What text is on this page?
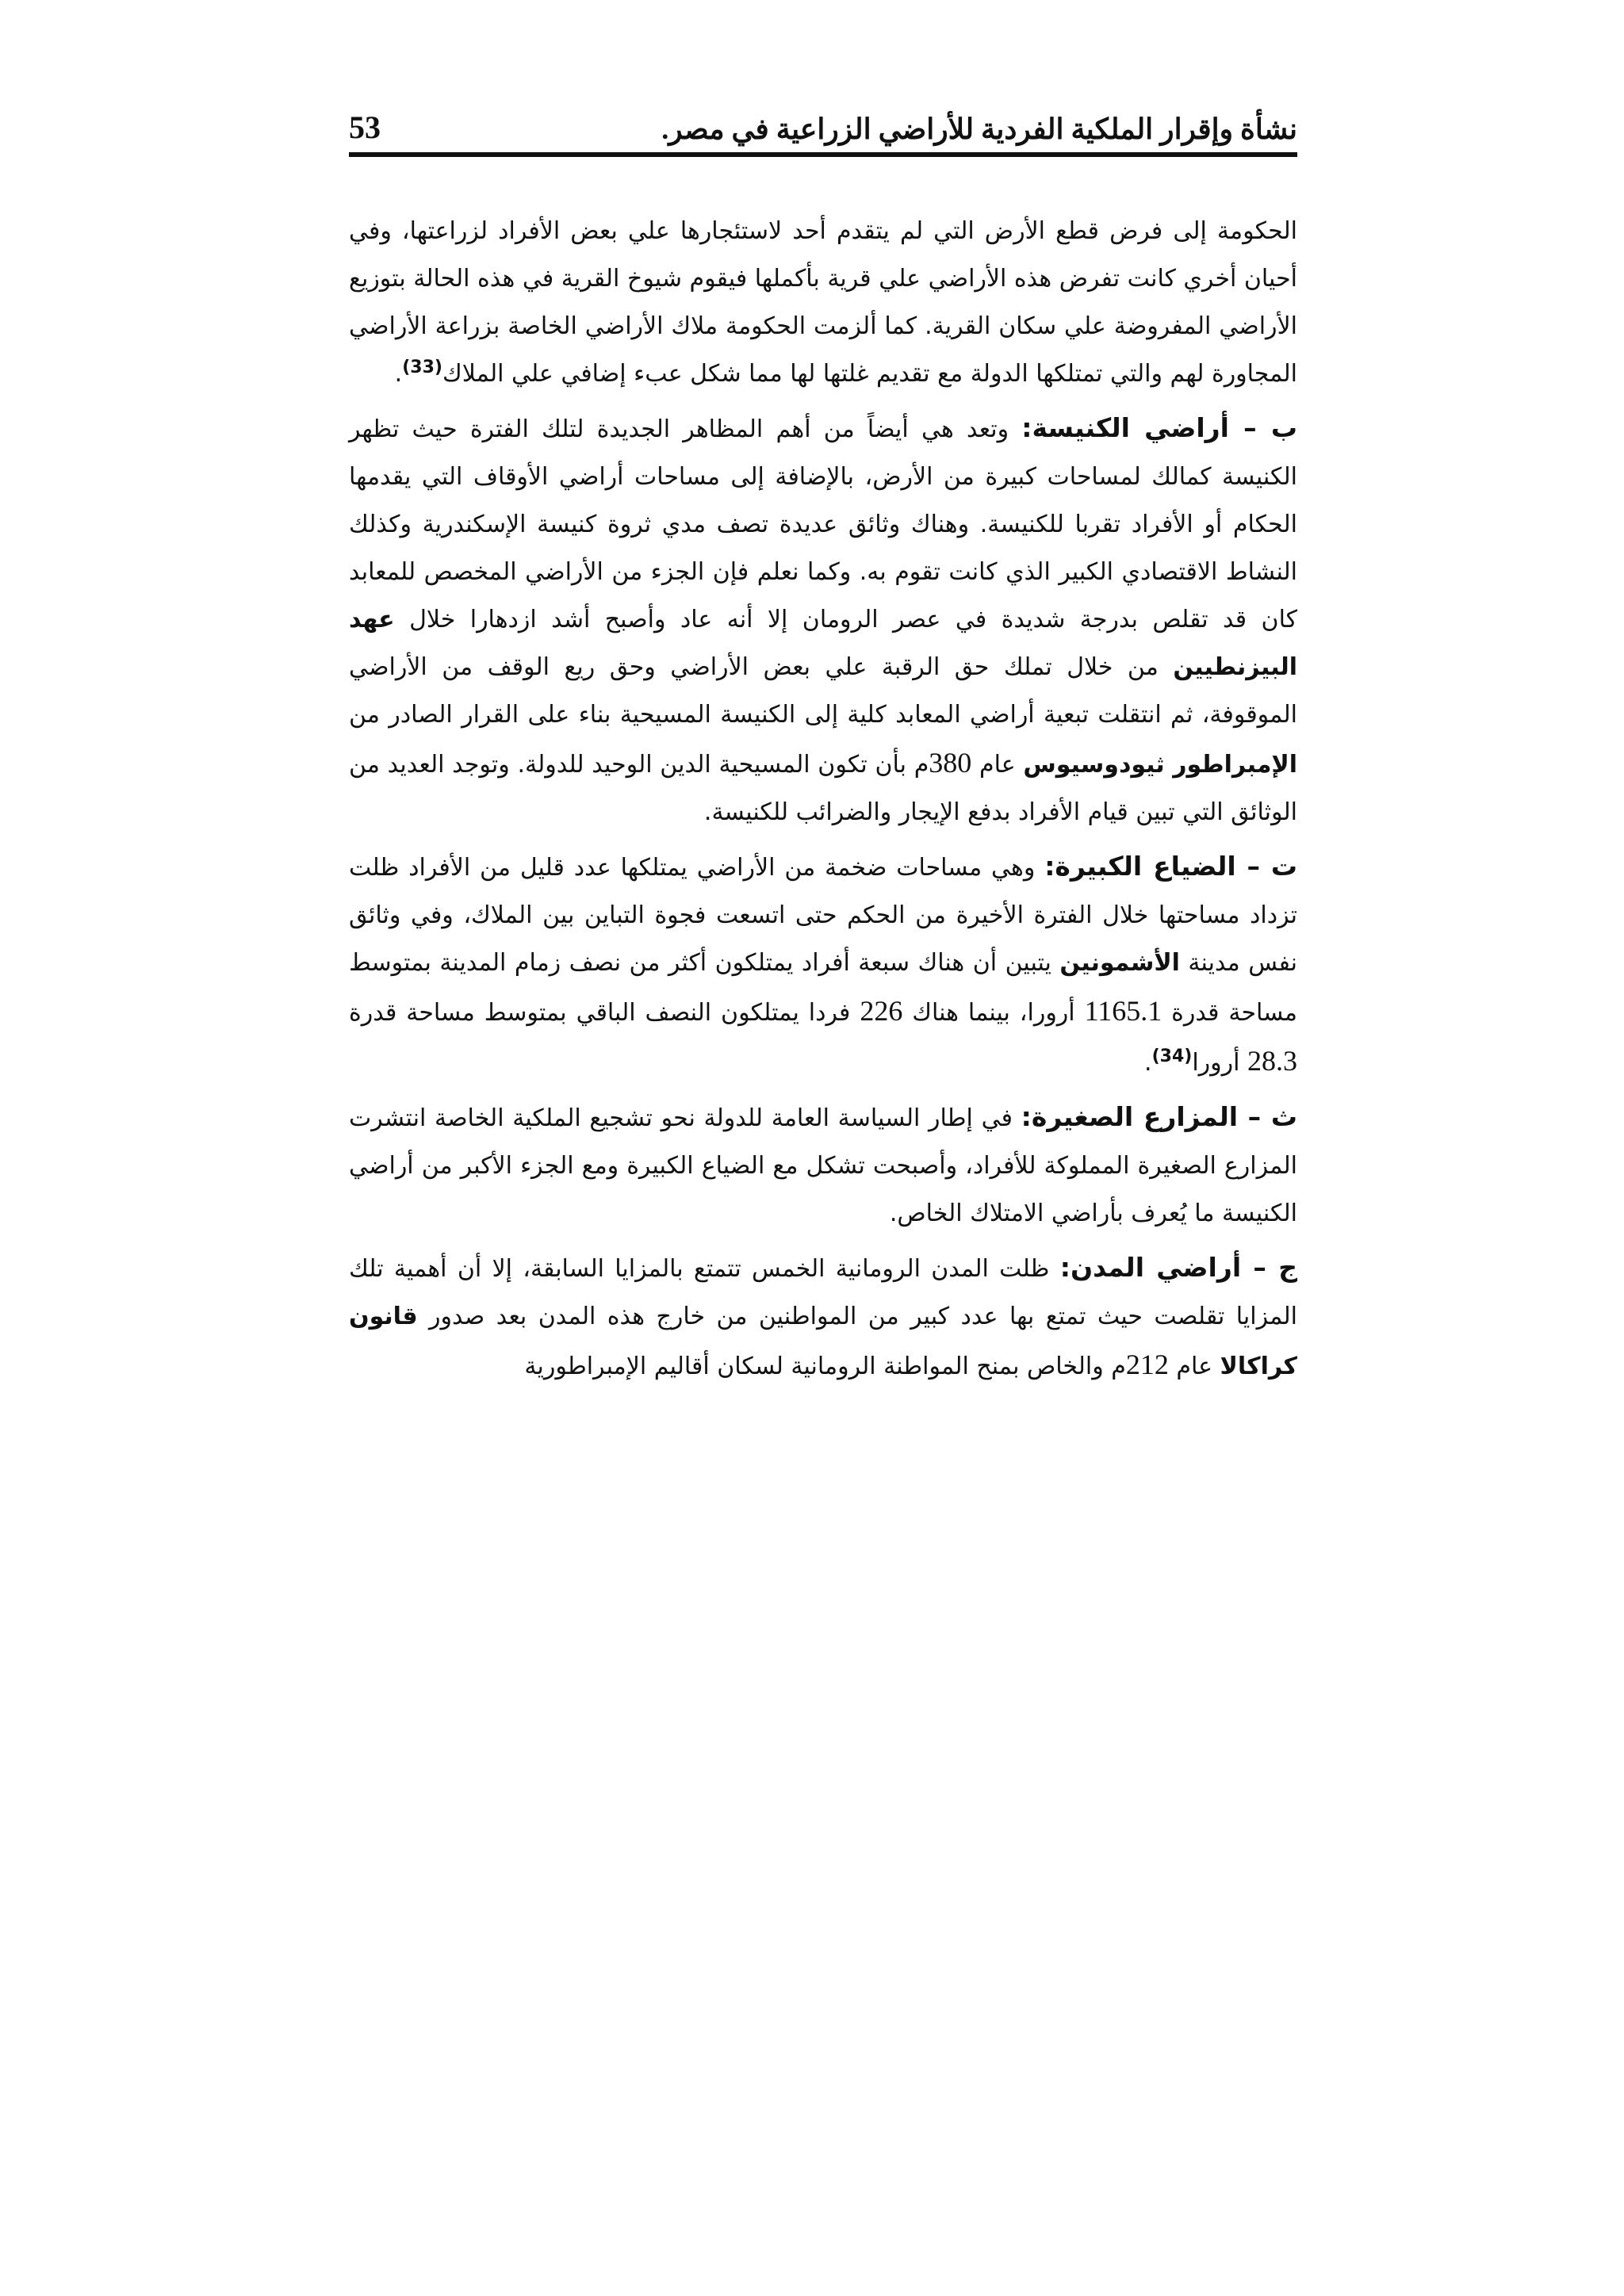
نشأة وإقرار الملكية الفردية للأراضي الزراعية في مصر.
53

الحكومة إلى فرض قطع الأرض التي لم يتقدم أحد لاستئجارها علي بعض الأفراد لزراعتها، وفي أحيان أخري كانت تفرض هذه الأراضي علي قرية بأكملها فيقوم شيوخ القرية في هذه الحالة بتوزيع الأراضي المفروضة علي سكان القرية. كما ألزمت الحكومة ملاك الأراضي الخاصة بزراعة الأراضي المجاورة لهم والتي تمتلكها الدولة مع تقديم غلتها لها مما شكل عبء إضافي علي الملاك$^{(33)}$.

ب – أراضي الكنيسة: وتعد هي أيضاً من أهم المظاهر الجديدة لتلك الفترة حيث تظهر الكنيسة كمالك لمساحات كبيرة من الأرض، بالإضافة إلى مساحات أراضي الأوقاف التي يقدمها الحكام أو الأفراد تقربا للكنيسة. وهناك وثائق عديدة تصف مدي ثروة كنيسة الإسكندرية وكذلك النشاط الاقتصادي الكبير الذي كانت تقوم به. وكما نعلم فإن الجزء من الأراضي المخصص للمعابد كان قد تقلص بدرجة شديدة في عصر الرومان إلا أنه عاد وأصبح أشد ازدهارا خلال عهد البيزنطيين من خلال تملك حق الرقبة علي بعض الأراضي وحق ريع الوقف من الأراضي الموقوفة، ثم انتقلت تبعية أراضي المعابد كلية إلى الكنيسة المسيحية بناء على القرار الصادر من الإمبراطور ثيودوسيوس عام 380م بأن تكون المسيحية الدين الوحيد للدولة. وتوجد العديد من الوثائق التي تبين قيام الأفراد بدفع الإيجار والضرائب للكنيسة.

ت – الضياع الكبيرة: وهي مساحات ضخمة من الأراضي يمتلكها عدد قليل من الأفراد ظلت تزداد مساحتها خلال الفترة الأخيرة من الحكم حتى اتسعت فجوة التباين بين الملاك، وفي وثائق نفس مدينة الأشمونين يتبين أن هناك سبعة أفراد يمتلكون أكثر من نصف زمام المدينة بمتوسط مساحة قدرة 1165.1 أرورا، بينما هناك 226 فردا يمتلكون النصف الباقي بمتوسط مساحة قدرة 28.3 أرورا$^{(34)}$.

ث – المزارع الصغيرة: في إطار السياسة العامة للدولة نحو تشجيع الملكية الخاصة انتشرت المزارع الصغيرة المملوكة للأفراد، وأصبحت تشكل مع الضياع الكبيرة ومع الجزء الأكبر من أراضي الكنيسة ما يُعرف بأراضي الامتلاك الخاص.

ج – أراضي المدن: ظلت المدن الرومانية الخمس تتمتع بالمزايا السابقة، إلا أن أهمية تلك المزايا تقلصت حيث تمتع بها عدد كبير من المواطنين من خارج هذه المدن بعد صدور قانون كراكالا عام 212م والخاص بمنح المواطنة الرومانية لسكان أقاليم الإمبراطورية
